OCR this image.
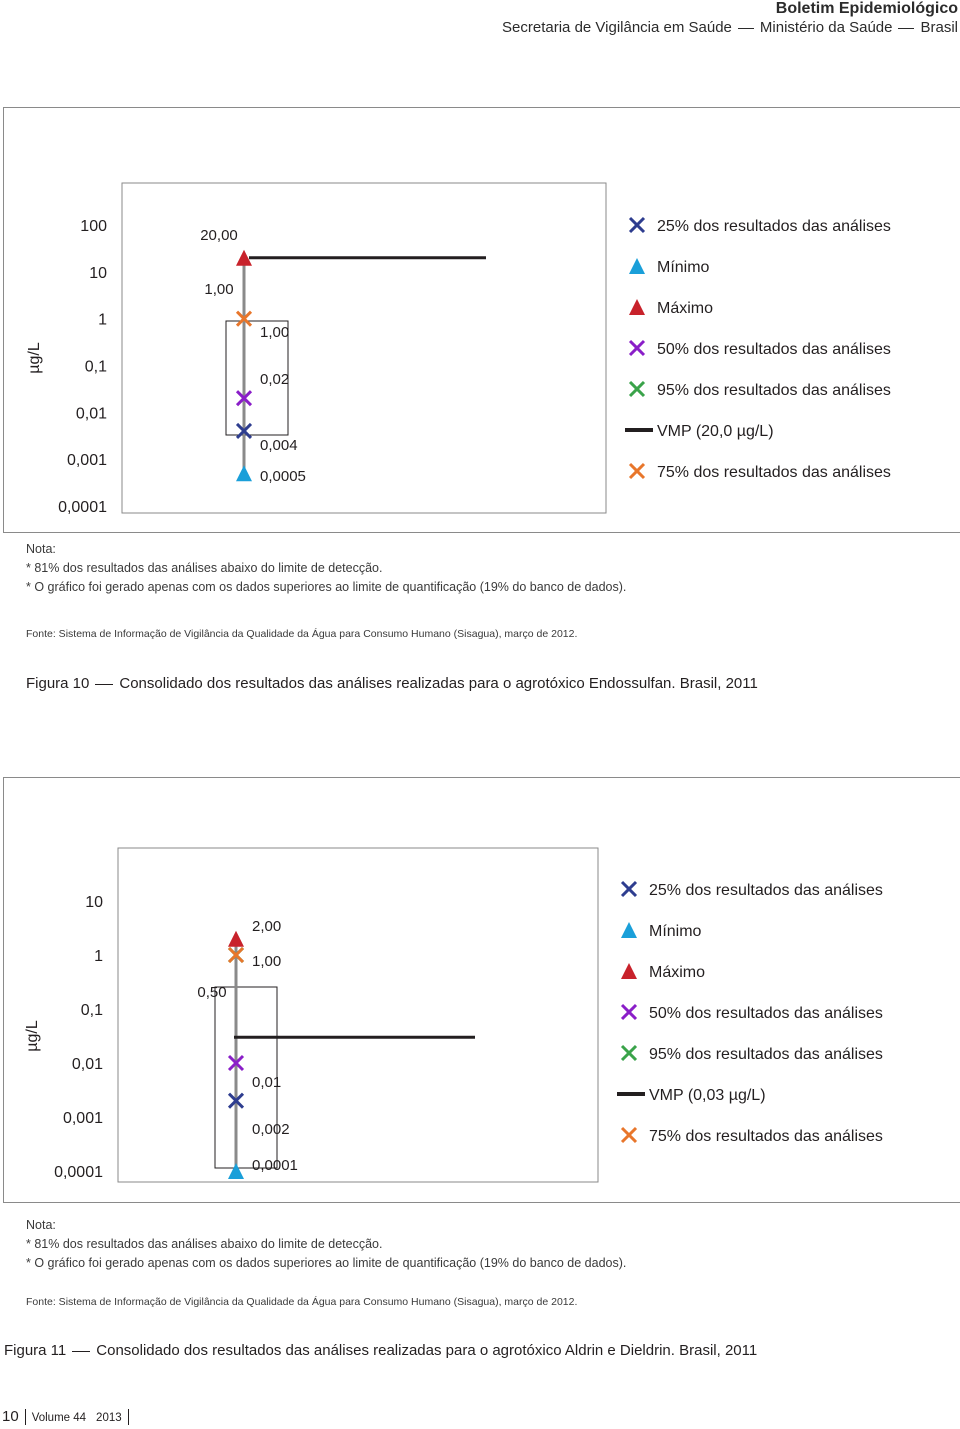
Boletim Epidemiológico
Secretaria de Vigilância em Saúde Ministério da Saúde Brasil
µg/L
100
10
1
0,1
0,01
0,001
0,0001
20,00
1,00
1,00
0,02
0,004
0,0005
25% dos resultados das análises
Mínimo
Máximo
50% dos resultados das análises
95% dos resultados das análises
VMP (20,0 µg/L)
75% dos resultados das análises
Nota:
* 81% dos resultados das análises abaixo do limite de detecção.
* O gráfico foi gerado apenas com os dados superiores ao limite de quantificação (19% do banco de dados).
Fonte: Sistema de Informação de Vigilância da Qualidade da Água para Consumo Humano (Sisagua), março de 2012.
Figura 10 Consolidado dos resultados das análises realizadas para o agrotóxico Endossulfan. Brasil, 2011
µg/L
10
1
0,1
0,01
0,001
0,0001
0,50
2,00
1,00
0,01
0,002
0,0001
25% dos resultados das análises
Mínimo
Máximo
50% dos resultados das análises
95% dos resultados das análises
VMP (0,03 µg/L)
75% dos resultados das análises
Nota:
* 81% dos resultados das análises abaixo do limite de detecção.
* O gráfico foi gerado apenas com os dados superiores ao limite de quantificação (19% do banco de dados).
Fonte: Sistema de Informação de Vigilância da Qualidade da Água para Consumo Humano (Sisagua), março de 2012.
Figura 11 Consolidado dos resultados das análises realizadas para o agrotóxico Aldrin e Dieldrin. Brasil, 2011
10 Volume 44 2013
